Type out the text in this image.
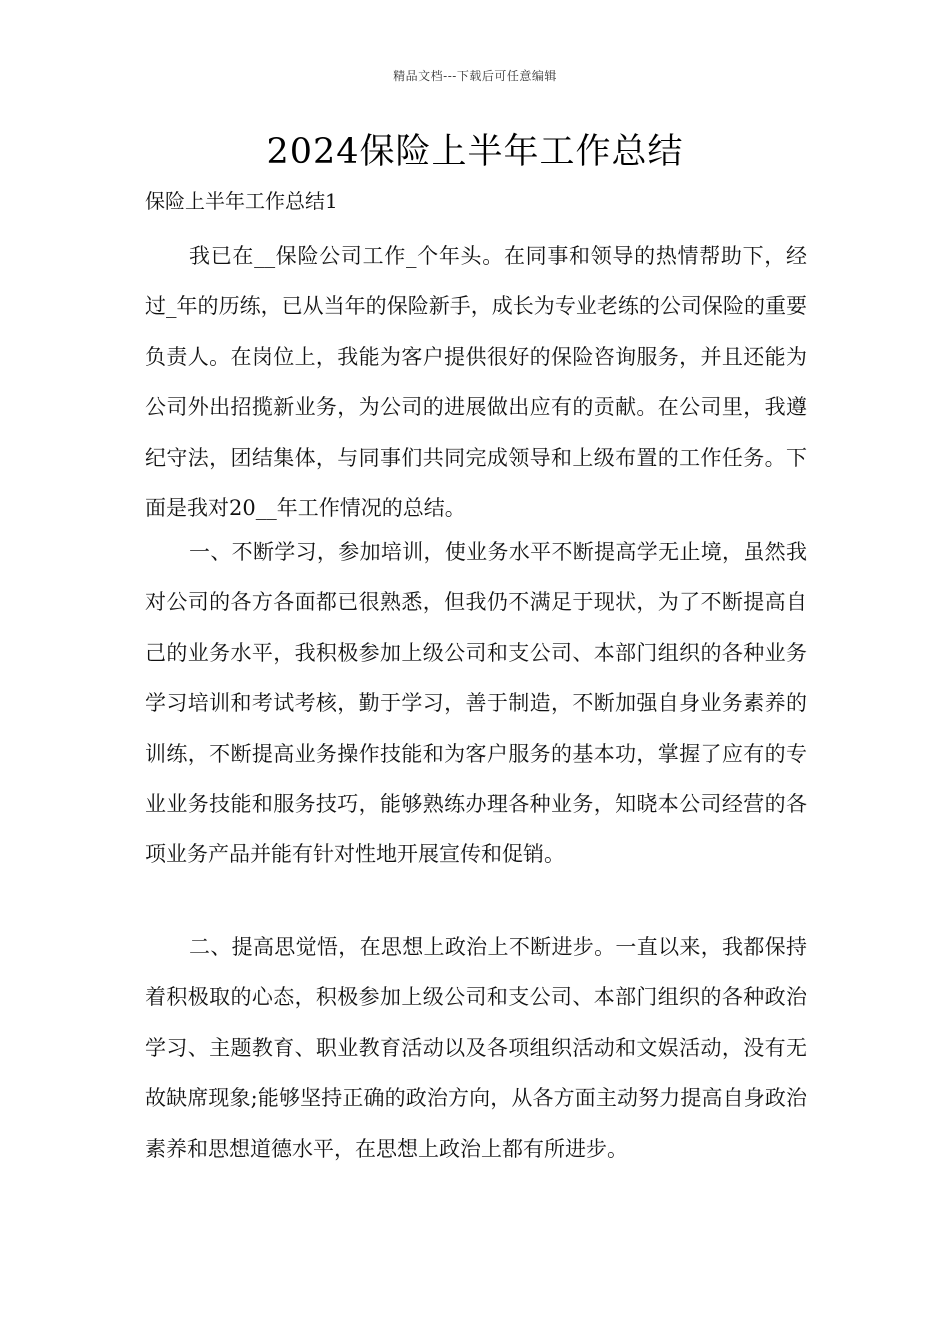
精品文档---下载后可任意编辑
2024保险上半年工作总结
保险上半年工作总结1

我已在__保险公司工作_个年头。在同事和领导的热情帮助下，经过_年的历练，已从当年的保险新手，成长为专业老练的公司保险的重要负责人。在岗位上，我能为客户提供很好的保险咨询服务，并且还能为公司外出招揽新业务，为公司的进展做出应有的贡献。在公司里，我遵纪守法，团结集体，与同事们共同完成领导和上级布置的工作任务。下面是我对20__年工作情况的总结。

一、不断学习，参加培训，使业务水平不断提高学无止境，虽然我对公司的各方各面都已很熟悉，但我仍不满足于现状，为了不断提高自己的业务水平，我积极参加上级公司和支公司、本部门组织的各种业务学习培训和考试考核，勤于学习，善于制造，不断加强自身业务素养的训练，不断提高业务操作技能和为客户服务的基本功，掌握了应有的专业业务技能和服务技巧，能够熟练办理各种业务，知晓本公司经营的各项业务产品并能有针对性地开展宣传和促销。

二、提高思觉悟，在思想上政治上不断进步。一直以来，我都保持着积极取的心态，积极参加上级公司和支公司、本部门组织的各种政治学习、主题教育、职业教育活动以及各项组织活动和文娱活动，没有无故缺席现象;能够坚持正确的政治方向，从各方面主动努力提高自身政治素养和思想道德水平，在思想上政治上都有所进步。
